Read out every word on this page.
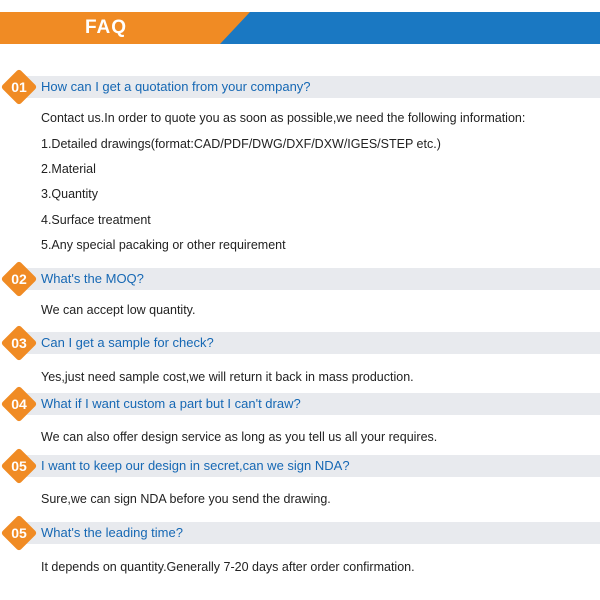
FAQ
01	How can I get a quotation from your company?
Contact us.In order to quote you as soon as possible,we need the following information:
1.Detailed drawings(format:CAD/PDF/DWG/DXF/DXW/IGES/STEP etc.)
2.Material
3.Quantity
4.Surface treatment
5.Any special pacaking or other requirement
02	What's the MOQ?
We can accept low quantity.
03	Can I get a sample for check?
Yes,just need sample cost,we will return it back in mass production.
04	What if I want custom a part but I can't draw?
We can also offer design service as long as you tell us all your requires.
05	I want to keep our design in secret,can we sign NDA?
Sure,we can sign NDA before you send the drawing.
05	What's the leading time?
It depends on quantity.Generally 7-20 days after order confirmation.
